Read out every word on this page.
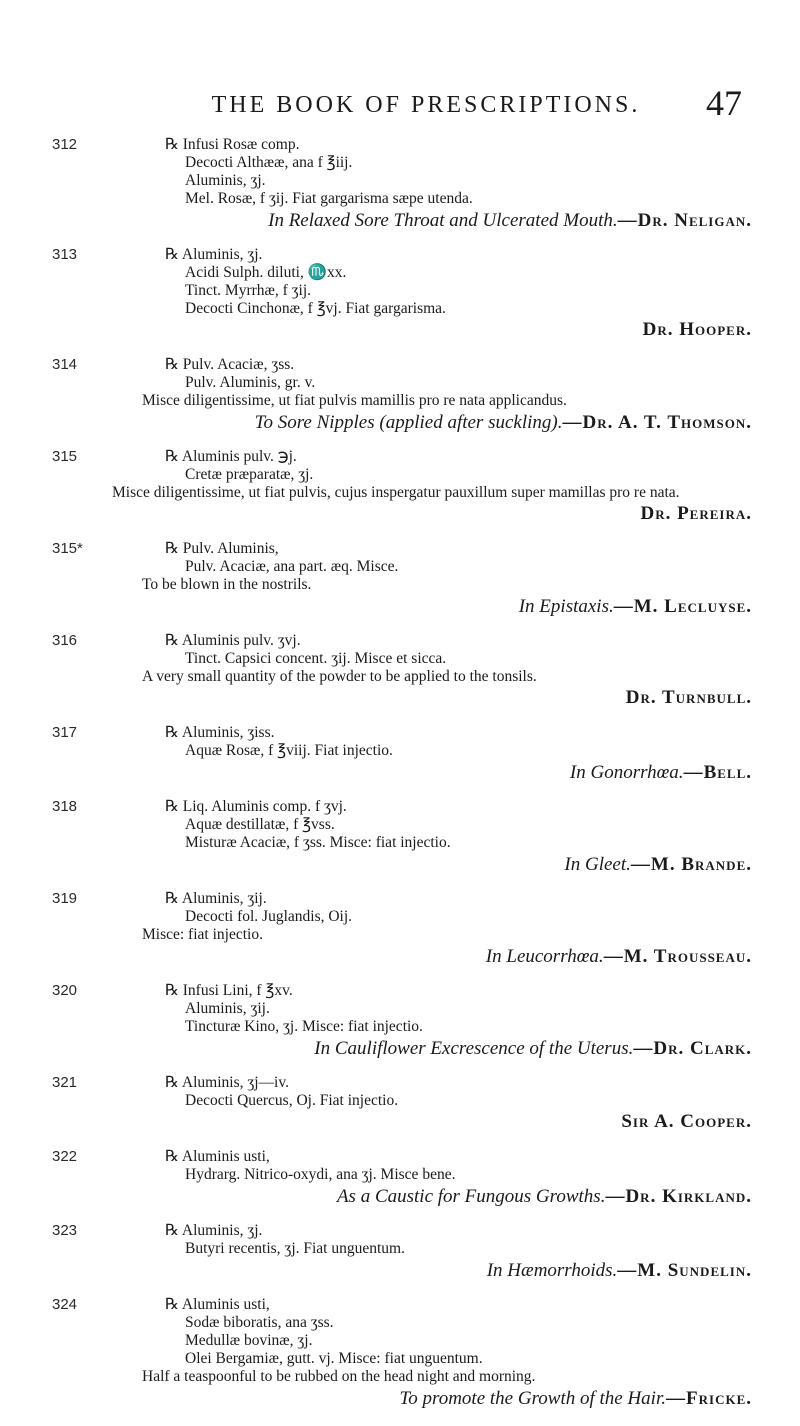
THE BOOK OF PRESCRIPTIONS.	47
312	℞ Infusi Rosæ comp.
Decocti Althææ, ana f ℥iij.
Aluminis, ʒj.
Mel. Rosæ, f ʒij. Fiat gargarisma sæpe utenda.
In Relaxed Sore Throat and Ulcerated Mouth.—Dr. Neligan.
313	℞ Aluminis, ʒj.
Acidi Sulph. diluti, ♏xx.
Tinct. Myrrhæ, f ʒij.
Decocti Cinchonæ, f ℥vj. Fiat gargarisma.
Dr. Hooper.
314	℞ Pulv. Acaciæ, ʒss.
Pulv. Aluminis, gr. v.
Misce diligentissime, ut fiat pulvis mamillis pro re nata applicandus.
To Sore Nipples (applied after suckling).—Dr. A. T. Thomson.
315	℞ Aluminis pulv. ℈j.
Cretæ præparatæ, ʒj.
Misce diligentissime, ut fiat pulvis, cujus inspergatur pauxillum super mamillas pro re nata.
Dr. Pereira.
315*	℞ Pulv. Aluminis,
Pulv. Acaciæ, ana part. æq. Misce.
To be blown in the nostrils.
In Epistaxis.—M. Lecluyse.
316	℞ Aluminis pulv. ʒvj.
Tinct. Capsici concent. ʒij. Misce et sicca.
A very small quantity of the powder to be applied to the tonsils.
Dr. Turnbull.
317	℞ Aluminis, ʒiss.
Aquæ Rosæ, f ℥viij. Fiat injectio.
In Gonorrhœa.—Bell.
318	℞ Liq. Aluminis comp. f ʒvj.
Aquæ destillatæ, f ℥vss.
Misturæ Acaciæ, f ʒss. Misce: fiat injectio.
In Gleet.—M. Brande.
319	℞ Aluminis, ʒij.
Decocti fol. Juglandis, Oij.
Misce: fiat injectio.
In Leucorrhœa.—M. Trousseau.
320	℞ Infusi Lini, f ℥xv.
Aluminis, ʒij.
Tincturæ Kino, ʒj. Misce: fiat injectio.
In Cauliflower Excrescence of the Uterus.—Dr. Clark.
321	℞ Aluminis, ʒj—iv.
Decocti Quercus, Oj. Fiat injectio.
Sir A. Cooper.
322	℞ Aluminis usti,
Hydrarg. Nitrico-oxydi, ana ʒj. Misce bene.
As a Caustic for Fungous Growths.—Dr. Kirkland.
323	℞ Aluminis, ʒj.
Butyri recentis, ʒj. Fiat unguentum.
In Hæmorrhoids.—M. Sundelin.
324	℞ Aluminis usti,
Sodæ biboratis, ana ʒss.
Medullæ bovinæ, ʒj.
Olei Bergamiæ, gutt. vj. Misce: fiat unguentum.
Half a teaspoonful to be rubbed on the head night and morning.
To promote the Growth of the Hair.—Fricke.
